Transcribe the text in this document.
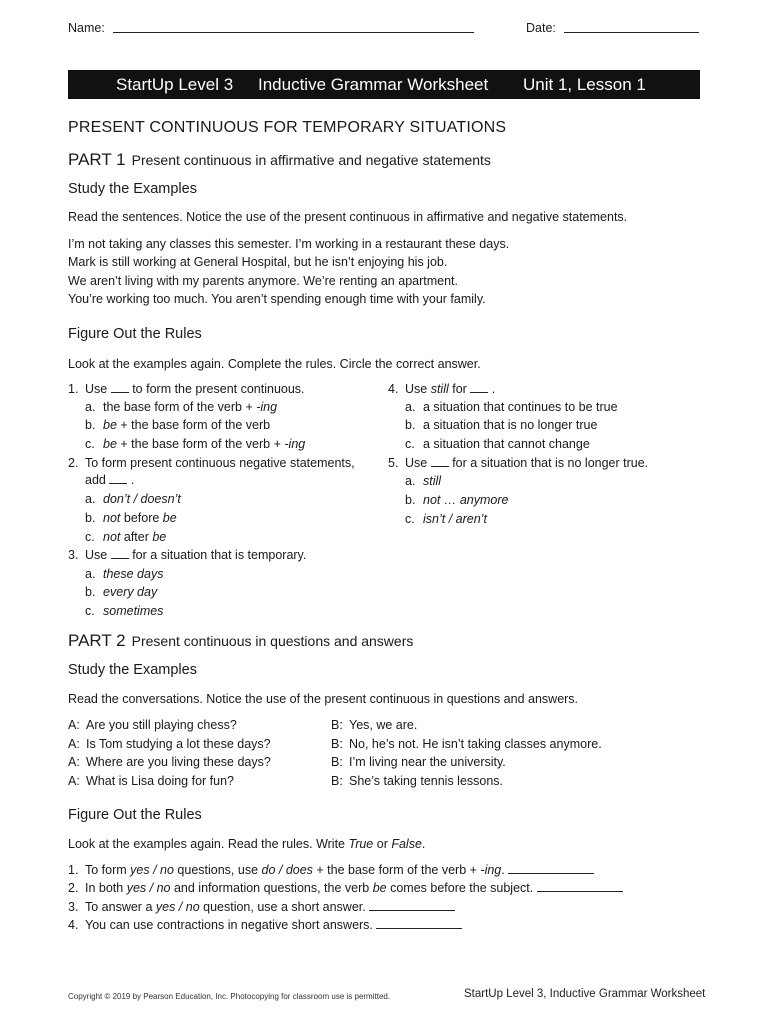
Name:	Date:
StartUp Level 3 Inductive Grammar Worksheet Unit 1, Lesson 1
PRESENT CONTINUOUS FOR TEMPORARY SITUATIONS
PART 1 Present continuous in affirmative and negative statements
Study the Examples
Read the sentences. Notice the use of the present continuous in affirmative and negative statements.
I’m not taking any classes this semester. I’m working in a restaurant these days.
Mark is still working at General Hospital, but he isn’t enjoying his job.
We aren’t living with my parents anymore. We’re renting an apartment.
You’re working too much. You aren’t spending enough time with your family.
Figure Out the Rules
Look at the examples again. Complete the rules. Circle the correct answer.
1. Use to form the present continuous.
a. the base form of the verb + -ing
b. be + the base form of the verb
c. be + the base form of the verb + -ing
2. To form present continuous negative statements,
add .
a. don’t / doesn’t
b. not before be
c. not after be
3. Use for a situation that is temporary.
a. these days
b. every day
c. sometimes
4. Use still for .
a. a situation that continues to be true
b. a situation that is no longer true
c. a situation that cannot change
5. Use for a situation that is no longer true.
a. still
b. not … anymore
c. isn’t / aren’t
PART 2 Present continuous in questions and answers
Study the Examples
Read the conversations. Notice the use of the present continuous in questions and answers.
A: Are you still playing chess?	B: Yes, we are.
A: Is Tom studying a lot these days?	B: No, he’s not. He isn’t taking classes anymore.
A: Where are you living these days?	B: I’m living near the university.
A: What is Lisa doing for fun?	B: She’s taking tennis lessons.
Figure Out the Rules
Look at the examples again. Read the rules. Write True or False.
1. To form yes / no questions, use do / does + the base form of the verb + -ing.
2. In both yes / no and information questions, the verb be comes before the subject.
3. To answer a yes / no question, use a short answer.
4. You can use contractions in negative short answers.
Copyright © 2019 by Pearson Education, Inc. Photocopying for classroom use is permitted.	StartUp Level 3, Inductive Grammar Worksheet
